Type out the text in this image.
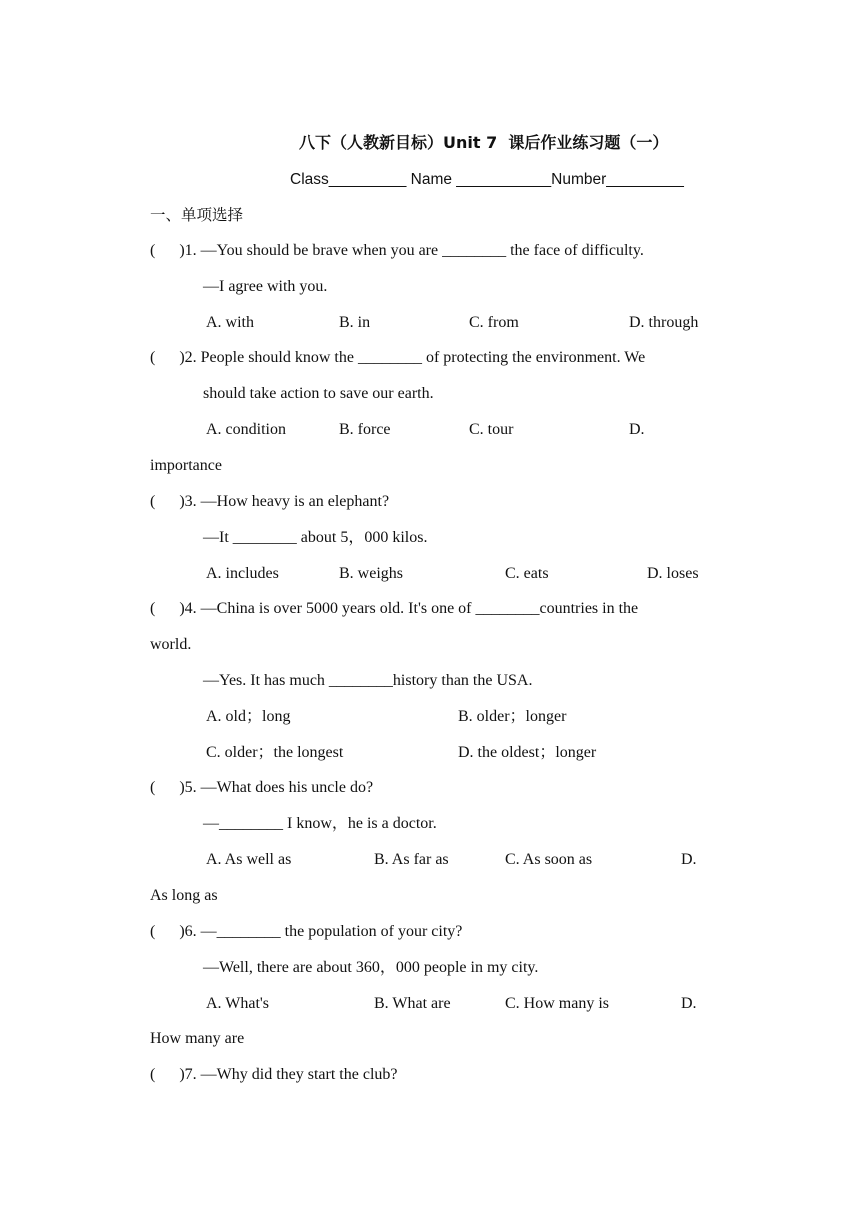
八下（人教新目标）Unit 7  课后作业练习题（一）
Class_________ Name ___________Number_________
一、单项选择
(      )1. —You should be brave when you are ________ the face of difficulty.
—I agree with you.
A. with	B. in	C. from	D. through
(      )2. People should know the ________ of protecting the environment. We
should take action to save our earth.
A. condition	B. force	C. tour	D.
importance
(      )3. —How heavy is an elephant?
—It ________ about 5，000 kilos.
A. includes	B. weighs	C. eats	D. loses
(      )4. —China is over 5000 years old. It's one of ________countries in the
world.
—Yes. It has much ________history than the USA.
A. old；long	B. older；longer
C. older；the longest	D. the oldest；longer
(      )5. —What does his uncle do?
—________ I know，he is a doctor.
A. As well as	B. As far as	C. As soon as	D.
As long as
(      )6. —________ the population of your city?
—Well, there are about 360，000 people in my city.
A. What's	B. What are	C. How many is	D.
How many are
(      )7. —Why did they start the club?
